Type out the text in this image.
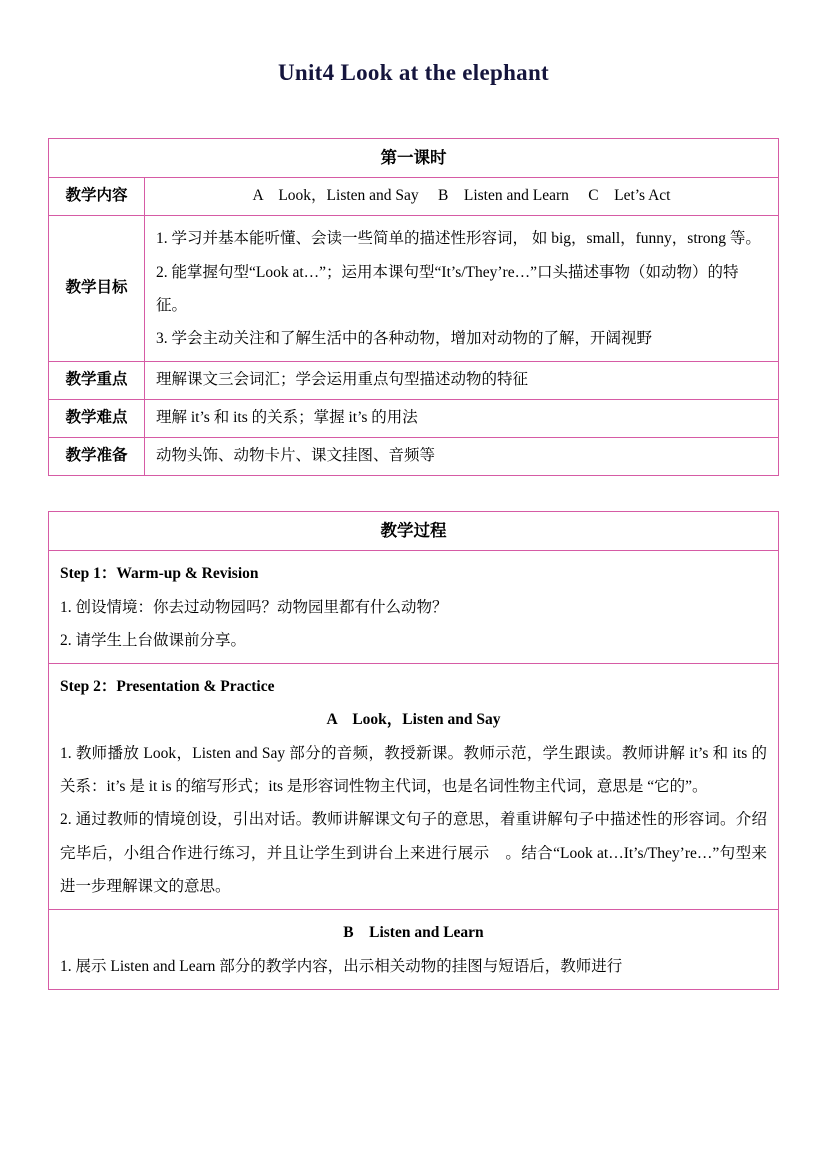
Unit4 Look at the elephant
第一课时	
教学内容	A　Look，Listen and Say　 B　Listen and Learn　 C　Let’s Act
教学目标	1. 学习并基本能听懂、会读一些简单的描述性形容词， 如 big，small，funny，strong 等。

2. 能掌握句型“Look at…”；运用本课句型“It’s/They’re…”口头描述事物（如动物）的特征。

3. 学会主动关注和了解生活中的各种动物，增加对动物的了解，开阔视野

教学重点	理解课文三会词汇；学会运用重点句型描述动物的特征
教学难点	理解 it’s 和 its 的关系；掌握 it’s 的用法
教学准备	动物头饰、动物卡片、课文挂图、音频等
教学过程

Step 1：Warm-up & Revision

1. 创设情境：你去过动物园吗？动物园里都有什么动物？

2. 请学生上台做课前分享。

Step 2：Presentation & Practice

A　Look，Listen and Say

1. 教师播放 Look，Listen and Say 部分的音频，教授新课。教师示范，学生跟读。教师讲解 it’s 和 its 的关系：it’s 是 it is 的缩写形式；its 是形容词性物主代词，也是名词性物主代词，意思是 “它的”。

2. 通过教师的情境创设，引出对话。教师讲解课文句子的意思，着重讲解句子中描述性的形容词。介绍完毕后，小组合作进行练习，并且让学生到讲台上来进行展示　。结合“Look at…It’s/They’re…”句型来进一步理解课文的意思。

B　Listen and Learn

1. 展示 Listen and Learn 部分的教学内容，出示相关动物的挂图与短语后，教师进行
